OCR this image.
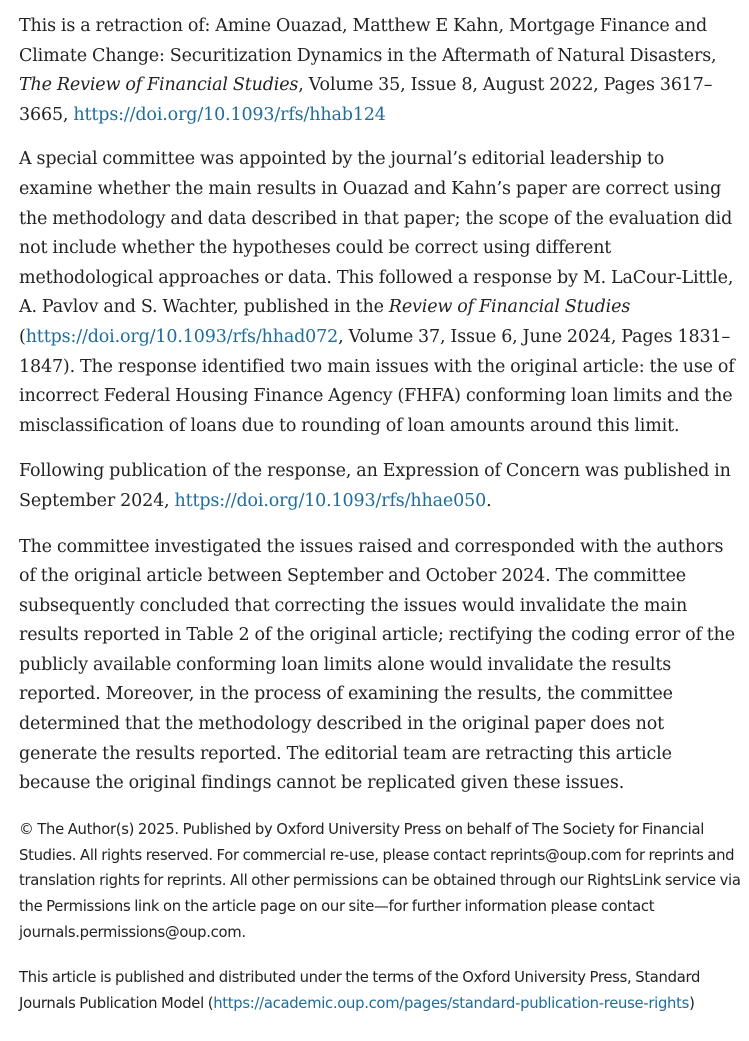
This is a retraction of: Amine Ouazad, Matthew E Kahn, Mortgage Finance and Climate Change: Securitization Dynamics in the Aftermath of Natural Disasters, The Review of Financial Studies, Volume 35, Issue 8, August 2022, Pages 3617–3665, https://doi.org/10.1093/rfs/hhab124

A special committee was appointed by the journal’s editorial leadership to examine whether the main results in Ouazad and Kahn’s paper are correct using the methodology and data described in that paper; the scope of the evaluation did not include whether the hypotheses could be correct using different methodological approaches or data. This followed a response by M. LaCour-Little, A. Pavlov and S. Wachter, published in the Review of Financial Studies (https://doi.org/10.1093/rfs/hhad072, Volume 37, Issue 6, June 2024, Pages 1831–1847). The response identified two main issues with the original article: the use of incorrect Federal Housing Finance Agency (FHFA) conforming loan limits and the misclassification of loans due to rounding of loan amounts around this limit.

Following publication of the response, an Expression of Concern was published in September 2024, https://doi.org/10.1093/rfs/hhae050.

The committee investigated the issues raised and corresponded with the authors of the original article between September and October 2024. The committee subsequently concluded that correcting the issues would invalidate the main results reported in Table 2 of the original article; rectifying the coding error of the publicly available conforming loan limits alone would invalidate the results reported. Moreover, in the process of examining the results, the committee determined that the methodology described in the original paper does not generate the results reported. The editorial team are retracting this article because the original findings cannot be replicated given these issues.

© The Author(s) 2025. Published by Oxford University Press on behalf of The Society for Financial Studies. All rights reserved. For commercial re-use, please contact reprints@oup.com for reprints and translation rights for reprints. All other permissions can be obtained through our RightsLink service via the Permissions link on the article page on our site—for further information please contact journals.permissions@oup.com.

This article is published and distributed under the terms of the Oxford University Press, Standard Journals Publication Model (https://academic.oup.com/pages/standard-publication-reuse-rights)
